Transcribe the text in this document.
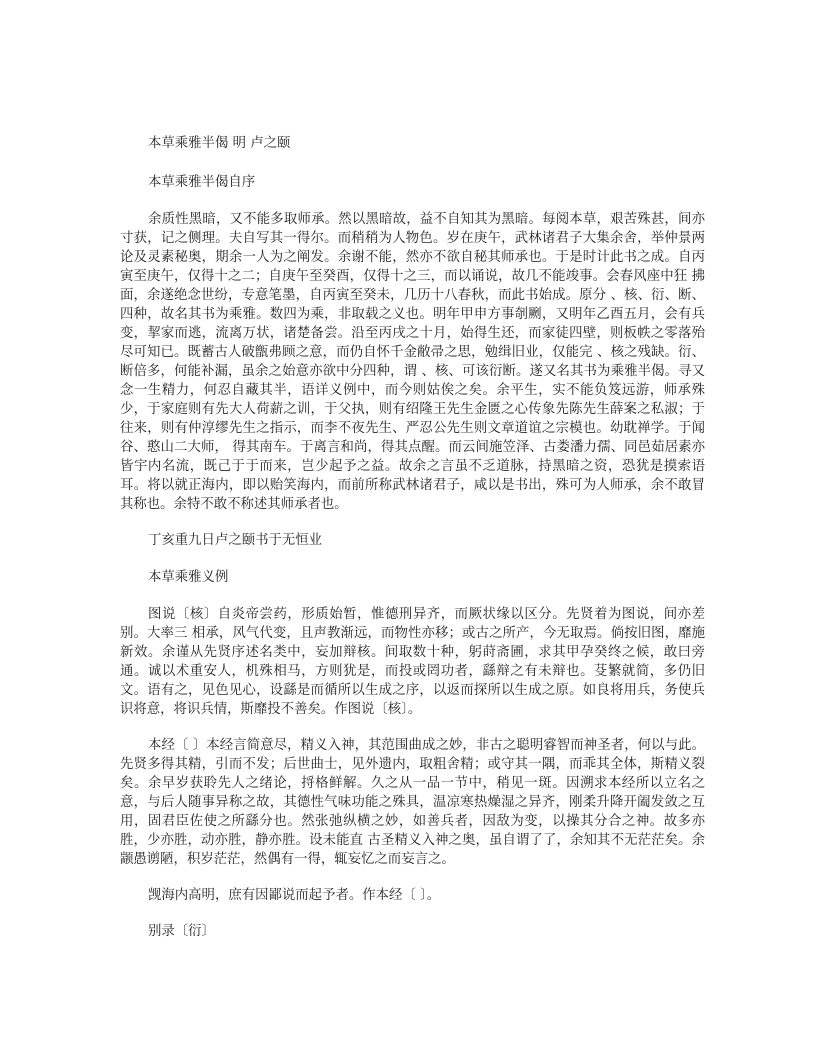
本草乘雅半偈 明 卢之颐
本草乘雅半偈自序

余质性黑暗，又不能多取师承。然以黑暗故，益不自知其为黑暗。每阅本草，艰苦殊甚，间亦寸获，记之侧理。夫自写其一得尔。而稍稍为人物色。岁在庚午，武林诸君子大集余舍，举仲景两论及灵素秘奥，期余一人为之阐发。余谢不能，然亦不欲自秘其师承也。于是时计此书之成。自丙寅至庚午，仅得十之二；自庚午至癸酉，仅得十之三，而以诵说，故几不能竣事。会春风座中狂 拂面，余遂绝念世纷，专意笔墨，自丙寅至癸未，几历十八春秋，而此书始成。原分 、核、衍、断、四种，故名其书为乘雅。数四为乘，非取载之义也。明年甲申方事剞劂，又明年乙酉五月，会有兵变，挈家而逃，流离万状，诸楚备尝。沿至丙戌之十月，始得生还，而家徒四壁，则板帙之零落殆尽可知已。既蓄古人破甑弗顾之意，而仍自怀千金敝帚之思，勉缉旧业，仅能完 、核之残缺。衍、断倍多，何能补漏，虽余之始意亦欲中分四种，谓 、核、可该衍断。遂又名其书为乘雅半偈。寻又念一生精力，何忍自藏其半，语详义例中，而今则姑俟之矣。余平生，实不能负笈远游，师承殊少，于家庭则有先大人荷薪之训，于父执，则有绍隆王先生金匮之心传象先陈先生薛案之私淑；于往来，则有仲淳缪先生之指示，而李不夜先生、严忍公先生则文章道谊之宗模也。幼耽禅学。于闻谷、憨山二大师， 得其南车。于离言和尚，得其点醒。而云间施笠泽、古娄潘力孺、同邑茹居素亦皆宇内名流，既己于于而来，岂少起予之益。故余之言虽不乏道脉，持黑暗之资，恐犹是摸索语耳。将以就正海内，即以贻笑海内，而前所称武林诸君子，咸以是书出，殊可为人师承，余不敢冒其称也。余特不敢不称述其师承者也。

丁亥重九日卢之颐书于无恒业

本草乘雅义例

图说〔核〕自炎帝尝药，形质始暂，惟德刑异齐，而厥状缘以区分。先贤着为图说，间亦差别。大率三 相承，风气代变，且声教渐远，而物性亦移；或古之所产，今无取焉。倘按旧图，靡施新效。余谨从先贤序述名类中，妄加辩核。间取数十种，躬莳斋圃，求其甲孕癸终之候，敢曰旁通。诚以术重安人，机殊相马，方则犹是，而投或罔功者，繇辩之有未辩也。芟繁就简，多仍旧文。语有之，见色见心，设繇是而循所以生成之序，以返而探所以生成之原。如良将用兵，务使兵识将意，将识兵情，斯靡投不善矣。作图说〔核〕。

本经〔 〕本经言简意尽，精义入神，其范围曲成之妙，非古之聪明睿智而神圣者，何以与此。先贤多得其精，引而不发；后世曲士，见外遗内，取粗舍精；或守其一隅，而乖其全体，斯精义裂矣。余早岁获聆先人之绪论，捋格鲜解。久之从一品一节中，稍见一斑。因溯求本经所以立名之意，与后人随事异称之故，其德性气味功能之殊具，温凉寒热燥湿之异齐，刚柔升降开阖发敛之互用，固君臣佐使之所繇分也。然张弛纵横之妙，如善兵者，因敌为变，以操其分合之神。故多亦胜，少亦胜，动亦胜，静亦胜。设未能直 古圣精义入神之奥，虽自谓了了，余知其不无茫茫矣。余颛愚谫陋，积岁茫茫，然偶有一得，辄妄忆之而妄言之。

觊海内高明，庶有因鄙说而起予者。作本经〔 〕。

别录〔衍〕
